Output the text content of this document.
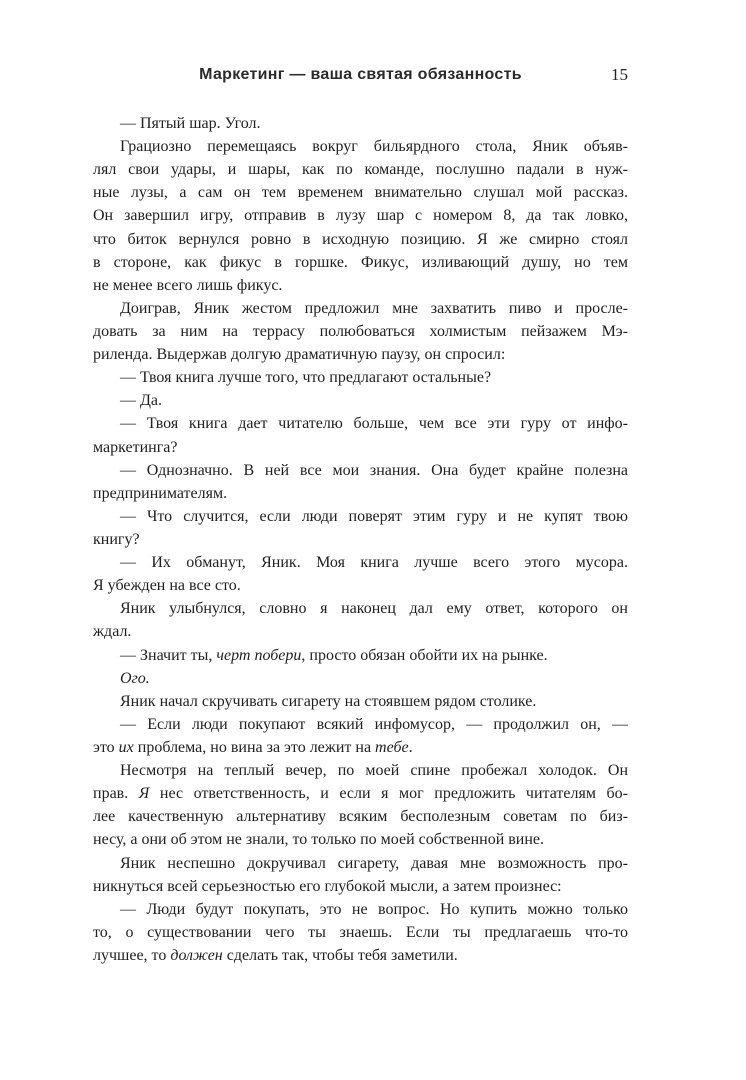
Маркетинг — ваша святая обязанность	15
— Пятый шар. Угол.
Грациозно перемещаясь вокруг бильярдного стола, Яник объяв-
лял свои удары, и шары, как по команде, послушно падали в нуж-
ные лузы, а сам он тем временем внимательно слушал мой рассказ.
Он завершил игру, отправив в лузу шар с номером 8, да так ловко,
что биток вернулся ровно в исходную позицию. Я же смирно стоял
в стороне, как фикус в горшке. Фикус, изливающий душу, но тем
не менее всего лишь фикус.
Доиграв, Яник жестом предложил мне захватить пиво и просле-
довать за ним на террасу полюбоваться холмистым пейзажем Мэ-
риленда. Выдержав долгую драматичную паузу, он спросил:
— Твоя книга лучше того, что предлагают остальные?
— Да.
— Твоя книга дает читателю больше, чем все эти гуру от инфо-
маркетинга?
— Однозначно. В ней все мои знания. Она будет крайне полезна
предпринимателям.
— Что случится, если люди поверят этим гуру и не купят твою
книгу?
— Их обманут, Яник. Моя книга лучше всего этого мусора.
Я убежден на все сто.
Яник улыбнулся, словно я наконец дал ему ответ, которого он
ждал.
— Значит ты, черт побери, просто обязан обойти их на рынке.
Ого.
Яник начал скручивать сигарету на стоявшем рядом столике.
— Если люди покупают всякий инфомусор, — продолжил он, —
это их проблема, но вина за это лежит на тебе.
Несмотря на теплый вечер, по моей спине пробежал холодок. Он
прав. Я нес ответственность, и если я мог предложить читателям бо-
лее качественную альтернативу всяким бесполезным советам по биз-
несу, а они об этом не знали, то только по моей собственной вине.
Яник неспешно докручивал сигарету, давая мне возможность про-
никнуться всей серьезностью его глубокой мысли, а затем произнес:
— Люди будут покупать, это не вопрос. Но купить можно только
то, о существовании чего ты знаешь. Если ты предлагаешь что-то
лучшее, то должен сделать так, чтобы тебя заметили.
